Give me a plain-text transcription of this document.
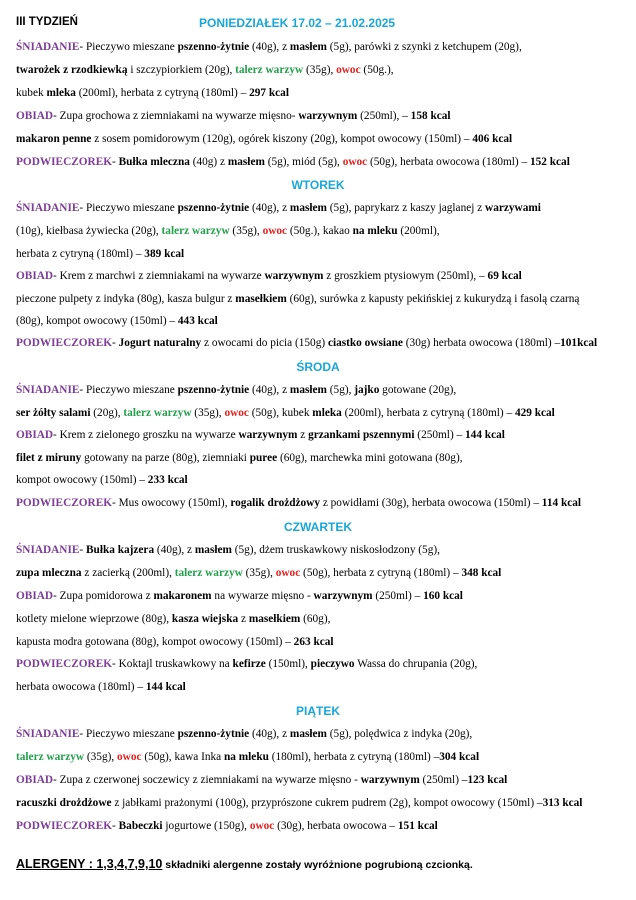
III TYDZIEŃ	PONIEDZIAŁEK 17.02 – 21.02.2025
ŚNIADANIE- Pieczywo mieszane pszenno-żytnie (40g), z masłem (5g), parówki z szynki z ketchupem (20g),
twarożek z rzodkiewką i szczypiorkiem (20g), talerz warzyw (35g), owoc (50g.),
kubek mleka (200ml), herbata z cytryną (180ml) – 297 kcal
OBIAD- Zupa grochowa z ziemniakami na wywarze mięsno- warzywnym (250ml), – 158 kcal
makaron penne z sosem pomidorowym (120g), ogórek kiszony (20g), kompot owocowy (150ml) – 406 kcal
PODWIECZOREK- Bułka mleczna (40g) z masłem (5g), miód (5g), owoc (50g), herbata owocowa (180ml) – 152 kcal
WTOREK
ŚNIADANIE- Pieczywo mieszane pszenno-żytnie (40g), z masłem (5g), paprykarz z kaszy jaglanej z warzywami
(10g), kiełbasa żywiecka (20g), talerz warzyw (35g), owoc (50g.), kakao na mleku (200ml),
herbata z cytryną (180ml) – 389 kcal
OBIAD- Krem z marchwi z ziemniakami na wywarze warzywnym z groszkiem ptysiowym (250ml), – 69 kcal
pieczone pulpety z indyka (80g), kasza bulgur z masełkiem (60g), surówka z kapusty pekińskiej z kukurydzą i fasolą czarną
(80g), kompot owocowy (150ml) – 443 kcal
PODWIECZOREK- Jogurt naturalny z owocami do picia (150g) ciastko owsiane (30g) herbata owocowa (180ml) –101kcal
ŚRODA
ŚNIADANIE- Pieczywo mieszane pszenno-żytnie (40g), z masłem (5g), jajko gotowane (20g),
ser żółty salami (20g), talerz warzyw (35g), owoc (50g), kubek mleka (200ml), herbata z cytryną (180ml) – 429 kcal
OBIAD- Krem z zielonego groszku na wywarze warzywnym z grzankami pszennymi (250ml) – 144 kcal
filet z miruny gotowany na parze (80g), ziemniaki puree (60g), marchewka mini gotowana (80g),
kompot owocowy (150ml) – 233 kcal
PODWIECZOREK- Mus owocowy (150ml), rogalik drożdżowy z powidłami (30g), herbata owocowa (150ml) – 114 kcal
CZWARTEK
ŚNIADANIE- Bułka kajzera (40g), z masłem (5g), dżem truskawkowy niskosłodzony (5g),
zupa mleczna z zacierką (200ml), talerz warzyw (35g), owoc (50g), herbata z cytryną (180ml) – 348 kcal
OBIAD- Zupa pomidorowa z makaronem na wywarze mięsno - warzywnym (250ml) – 160 kcal
kotlety mielone wieprzowe (80g), kasza wiejska z masełkiem (60g),
kapusta modra gotowana (80g), kompot owocowy (150ml) – 263 kcal
PODWIECZOREK- Koktajl truskawkowy na kefirze (150ml), pieczywo Wassa do chrupania (20g),
herbata owocowa (180ml) – 144 kcal
PIĄTEK
ŚNIADANIE- Pieczywo mieszane pszenno-żytnie (40g), z masłem (5g), polędwica z indyka (20g),
talerz warzyw (35g), owoc (50g), kawa Inka na mleku (180ml), herbata z cytryną (180ml) –304 kcal
OBIAD- Zupa z czerwonej soczewicy z ziemniakami na wywarze mięsno - warzywnym (250ml) –123 kcal
racuszki drożdżowe z jabłkami prażonymi (100g), przyprószone cukrem pudrem (2g), kompot owocowy (150ml) –313 kcal
PODWIECZOREK- Babeczki jogurtowe (150g), owoc (30g), herbata owocowa – 151 kcal
ALERGENY : 1,3,4,7,9,10 składniki alergenne zostały wyróżnione pogrubioną czcionką.
